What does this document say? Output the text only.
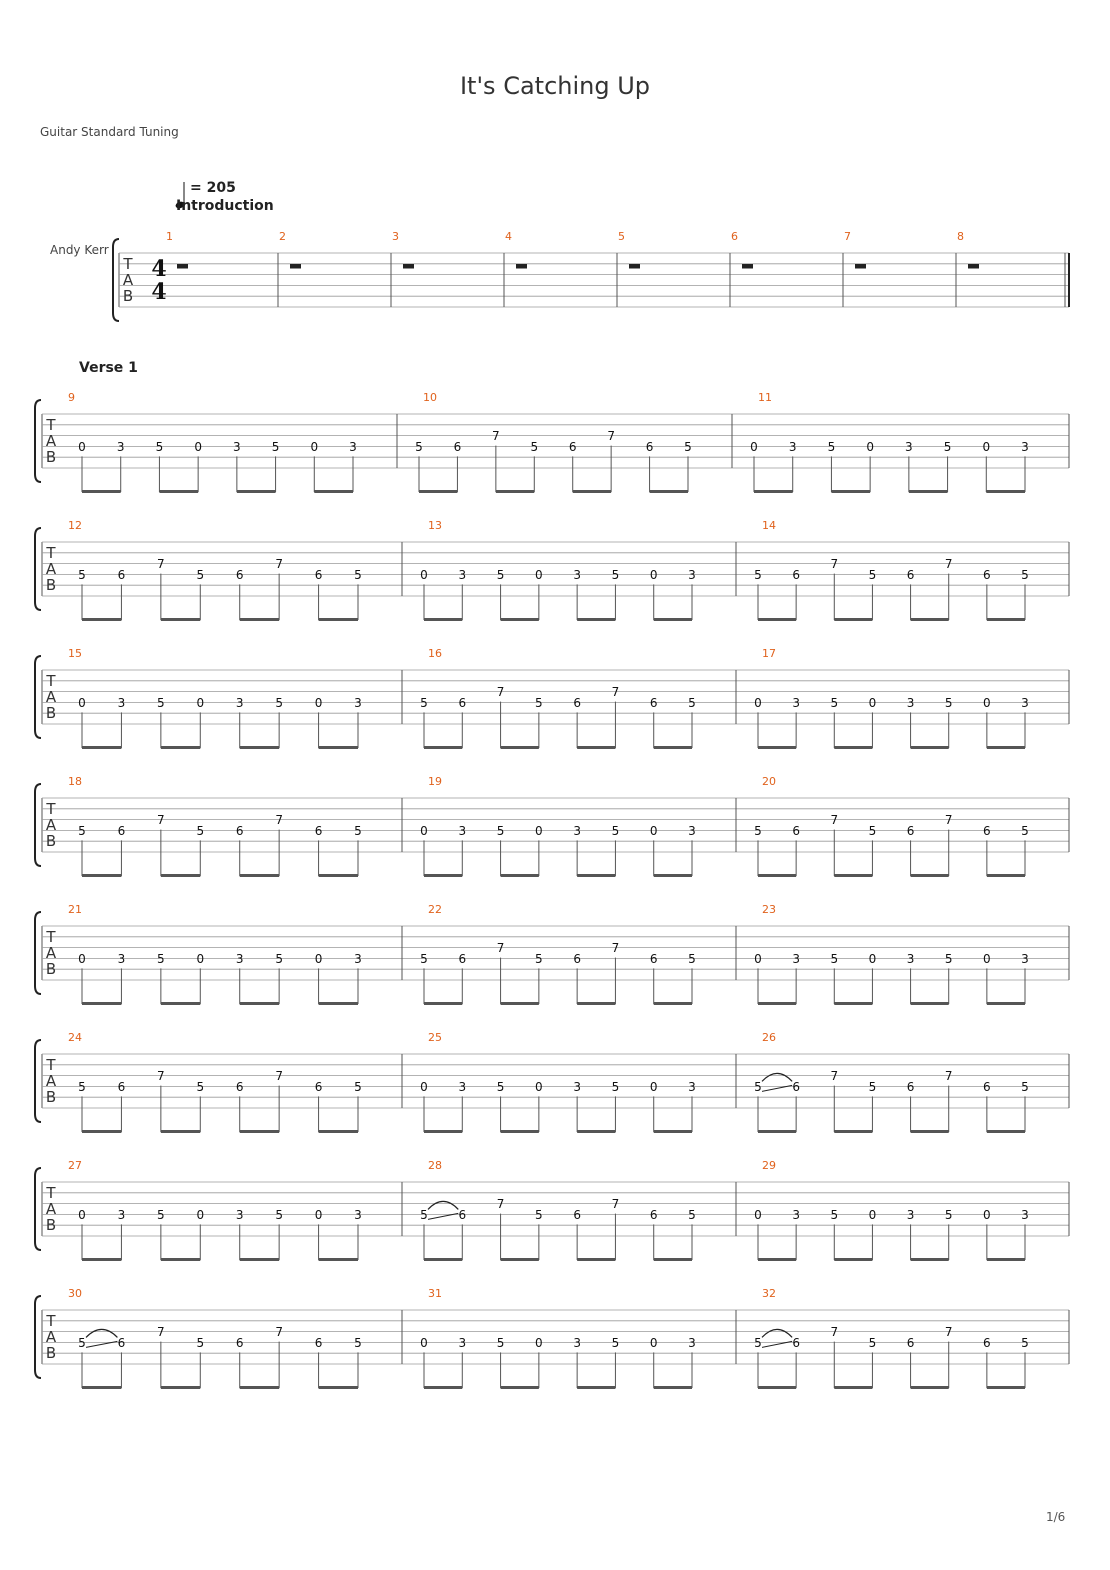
It's Catching Up
Guitar Standard Tuning
= 205
Introduction
Verse 1
Andy Kerr
T
A
B
4
4
1	2	3	4	5	6	7	8
T
A
B
9
0	3	5	0	3	5	0	3
10
5	6
7
5	6
7
6	5
11
0	3	5	0	3	5	0	3
T
A
B
12
5	6
7
5	6
7
6	5
13
0	3	5	0	3	5	0	3
14
5	6
7
5	6
7
6	5
T
A
B
15
0	3	5	0	3	5	0	3
16
5	6
7
5	6
7
6	5
17
0	3	5	0	3	5	0	3
T
A
B
18
5	6
7
5	6
7
6	5
19
0	3	5	0	3	5	0	3
20
5	6
7
5	6
7
6	5
T
A
B
21
0	3	5	0	3	5	0	3
22
5	6
7
5	6
7
6	5
23
0	3	5	0	3	5	0	3
T
A
B
24
5	6
7
5	6
7
6	5
25
0	3	5	0	3	5	0	3
26
5	6
7
5	6
7
6	5
T
A
B
27
0	3	5	0	3	5	0	3
28
5	6
7
5	6
7
6	5
29
0	3	5	0	3	5	0	3
T
A
B
30
5	6
7
5	6
7
6	5
31
0	3	5	0	3	5	0	3
32
5	6
7
5	6
7
6	5
1/6
